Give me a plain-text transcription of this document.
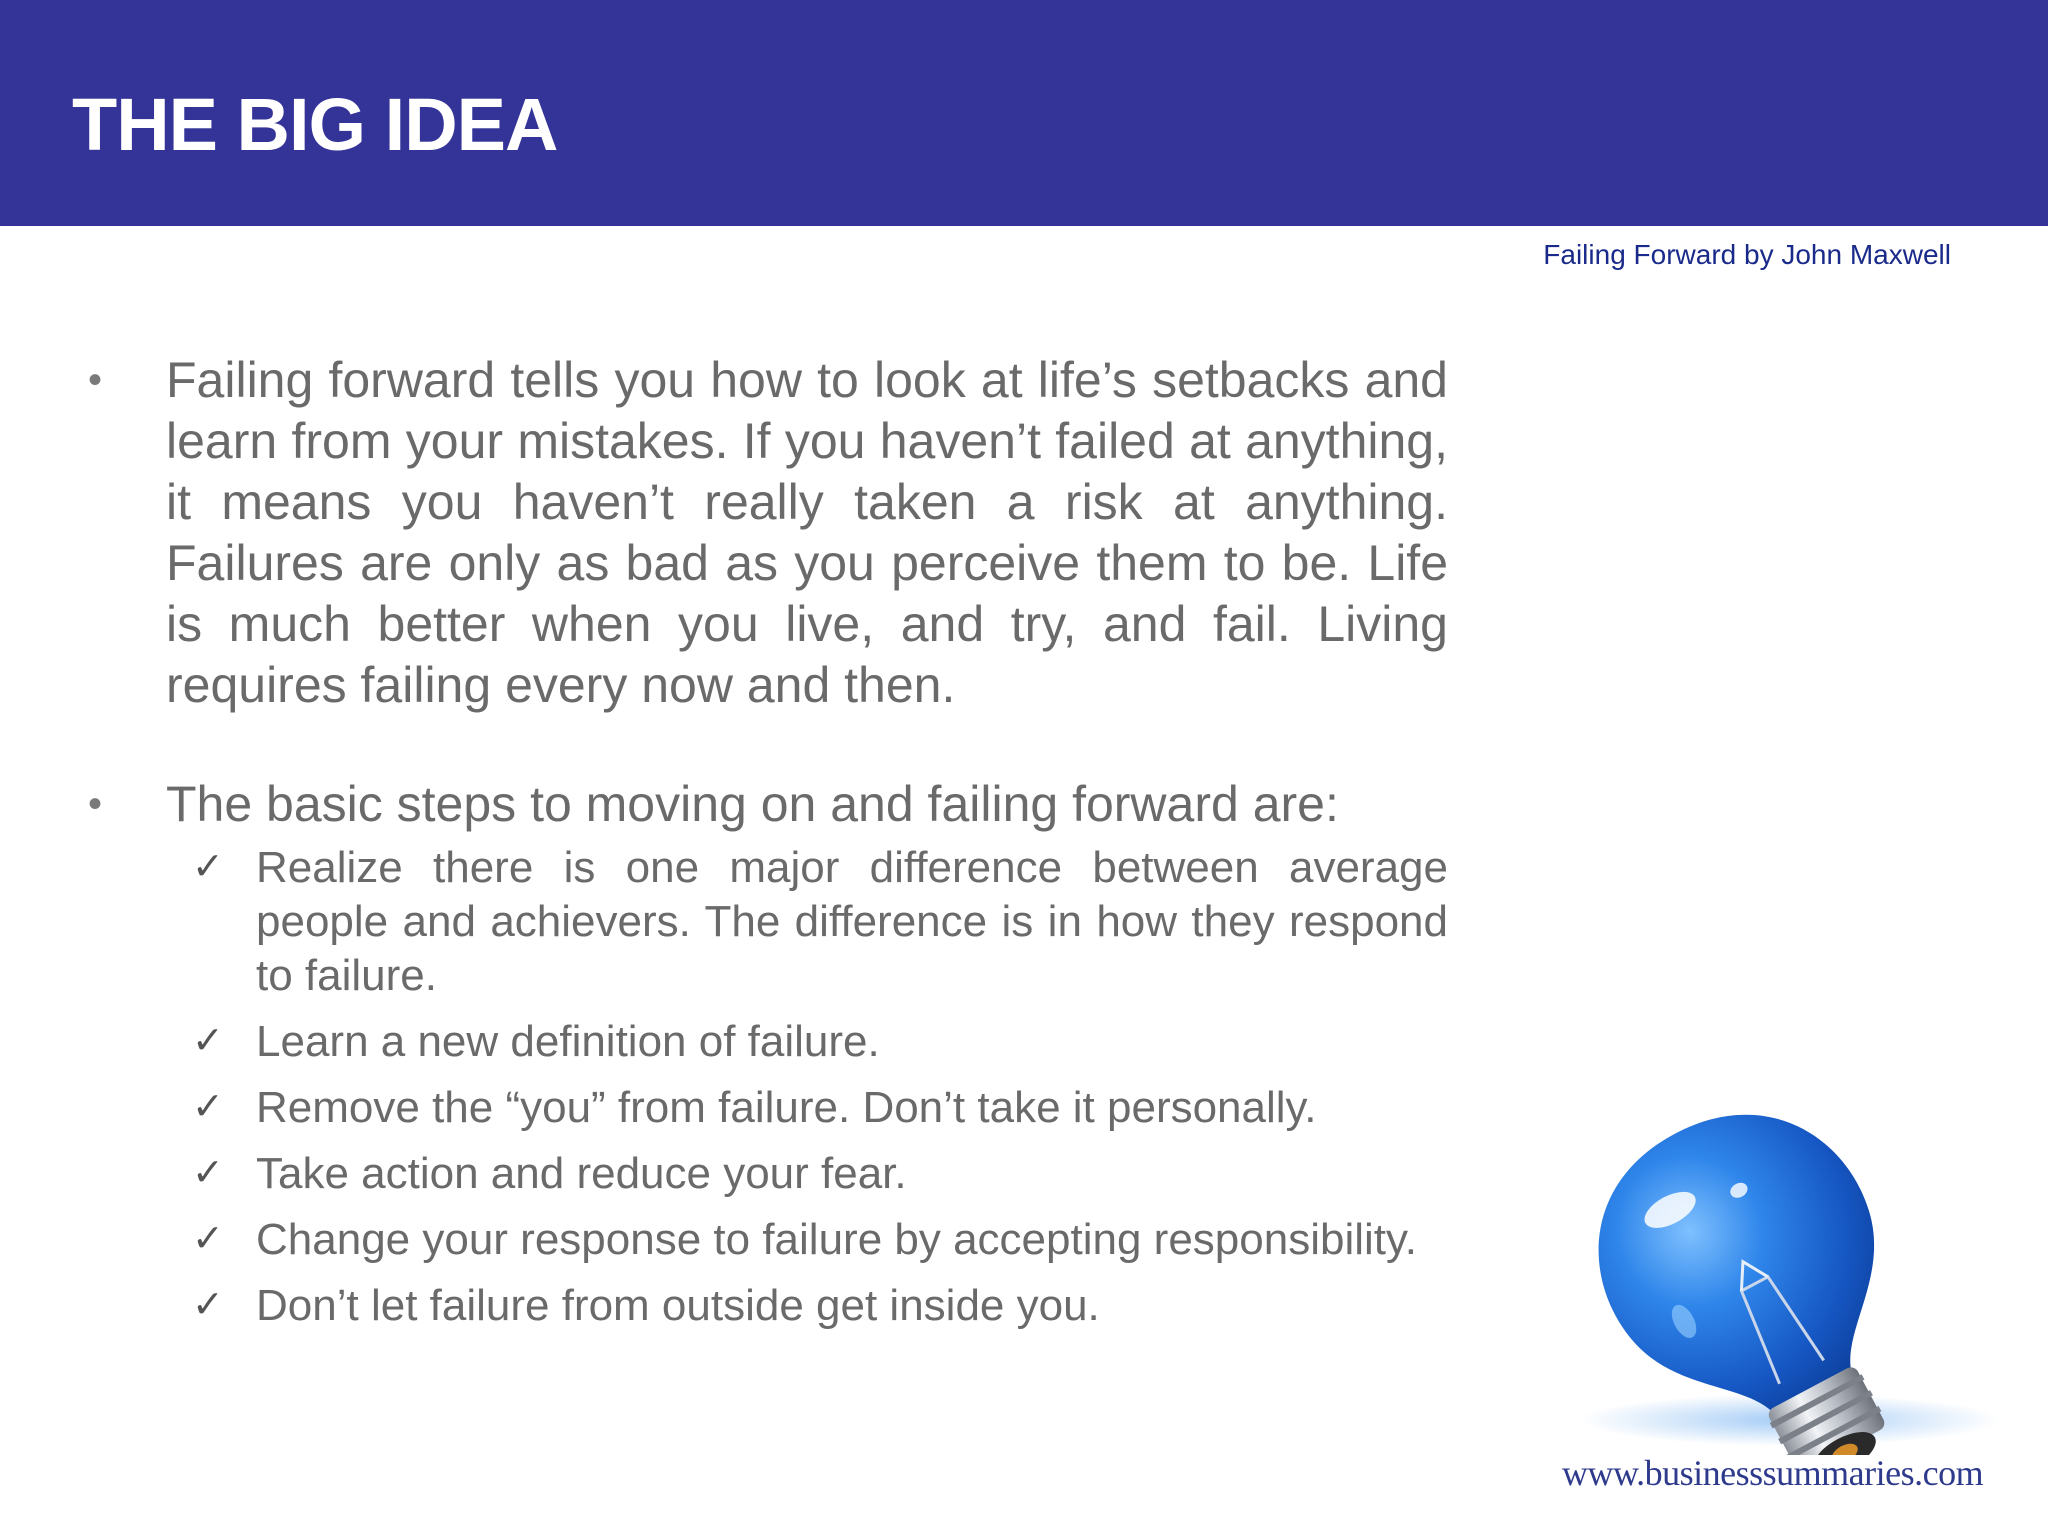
THE BIG IDEA
Failing Forward by John Maxwell
• Failing forward tells you how to look at life’s setbacks and learn from your mistakes. If you haven’t failed at anything, it means you haven’t really taken a risk at anything. Failures are only as bad as you perceive them to be. Life is much better when you live, and try, and fail. Living requires failing every now and then.
• The basic steps to moving on and failing forward are:
✓ Realize there is one major difference between average people and achievers. The difference is in how they respond to failure.
✓ Learn a new definition of failure.
✓ Remove the “you” from failure. Don’t take it personally.
✓ Take action and reduce your fear.
✓ Change your response to failure by accepting responsibility.
✓ Don’t let failure from outside get inside you.
www.businesssummaries.com
